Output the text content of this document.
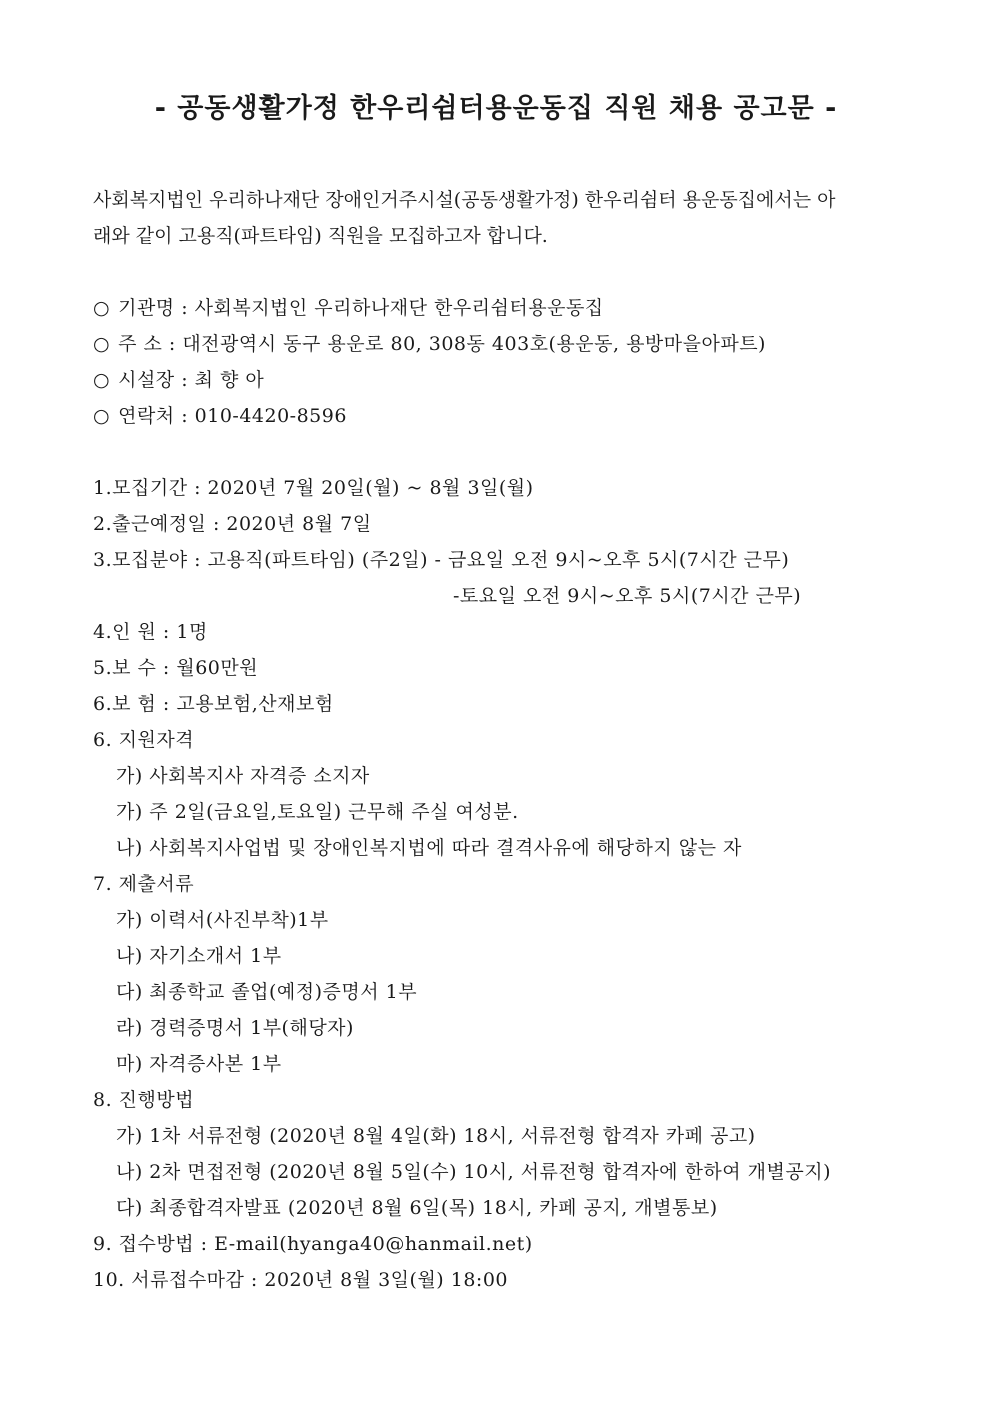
- 공동생활가정 한우리쉼터용운동집 직원 채용 공고문 -
사회복지법인 우리하나재단 장애인거주시설(공동생활가정) 한우리쉼터 용운동집에서는 아
래와 같이 고용직(파트타임) 직원을 모집하고자 합니다.
○ 기관명 : 사회복지법인 우리하나재단 한우리쉼터용운동집
○ 주 소 : 대전광역시 동구 용운로 80, 308동 403호(용운동, 용방마을아파트)
○ 시설장 : 최 향 아
○ 연락처 : 010-4420-8596
1.모집기간 : 2020년 7월 20일(월) ~ 8월 3일(월)
2.출근예정일 : 2020년 8월 7일
3.모집분야 : 고용직(파트타임) (주2일) - 금요일 오전 9시~오후 5시(7시간 근무)
-토요일 오전 9시~오후 5시(7시간 근무)
4.인 원 : 1명
5.보 수 : 월60만원
6.보 험 : 고용보험,산재보험
6. 지원자격
가) 사회복지사 자격증 소지자
가) 주 2일(금요일,토요일) 근무해 주실 여성분.
나) 사회복지사업법 및 장애인복지법에 따라 결격사유에 해당하지 않는 자
7. 제출서류
가) 이력서(사진부착)1부
나) 자기소개서 1부
다) 최종학교 졸업(예정)증명서 1부
라) 경력증명서 1부(해당자)
마) 자격증사본 1부
8. 진행방법
가) 1차 서류전형 (2020년 8월 4일(화) 18시, 서류전형 합격자 카페 공고)
나) 2차 면접전형 (2020년 8월 5일(수) 10시, 서류전형 합격자에 한하여 개별공지)
다) 최종합격자발표 (2020년 8월 6일(목) 18시, 카페 공지, 개별통보)
9. 접수방법 : E-mail(hyanga40@hanmail.net)
10. 서류접수마감 : 2020년 8월 3일(월) 18:00
